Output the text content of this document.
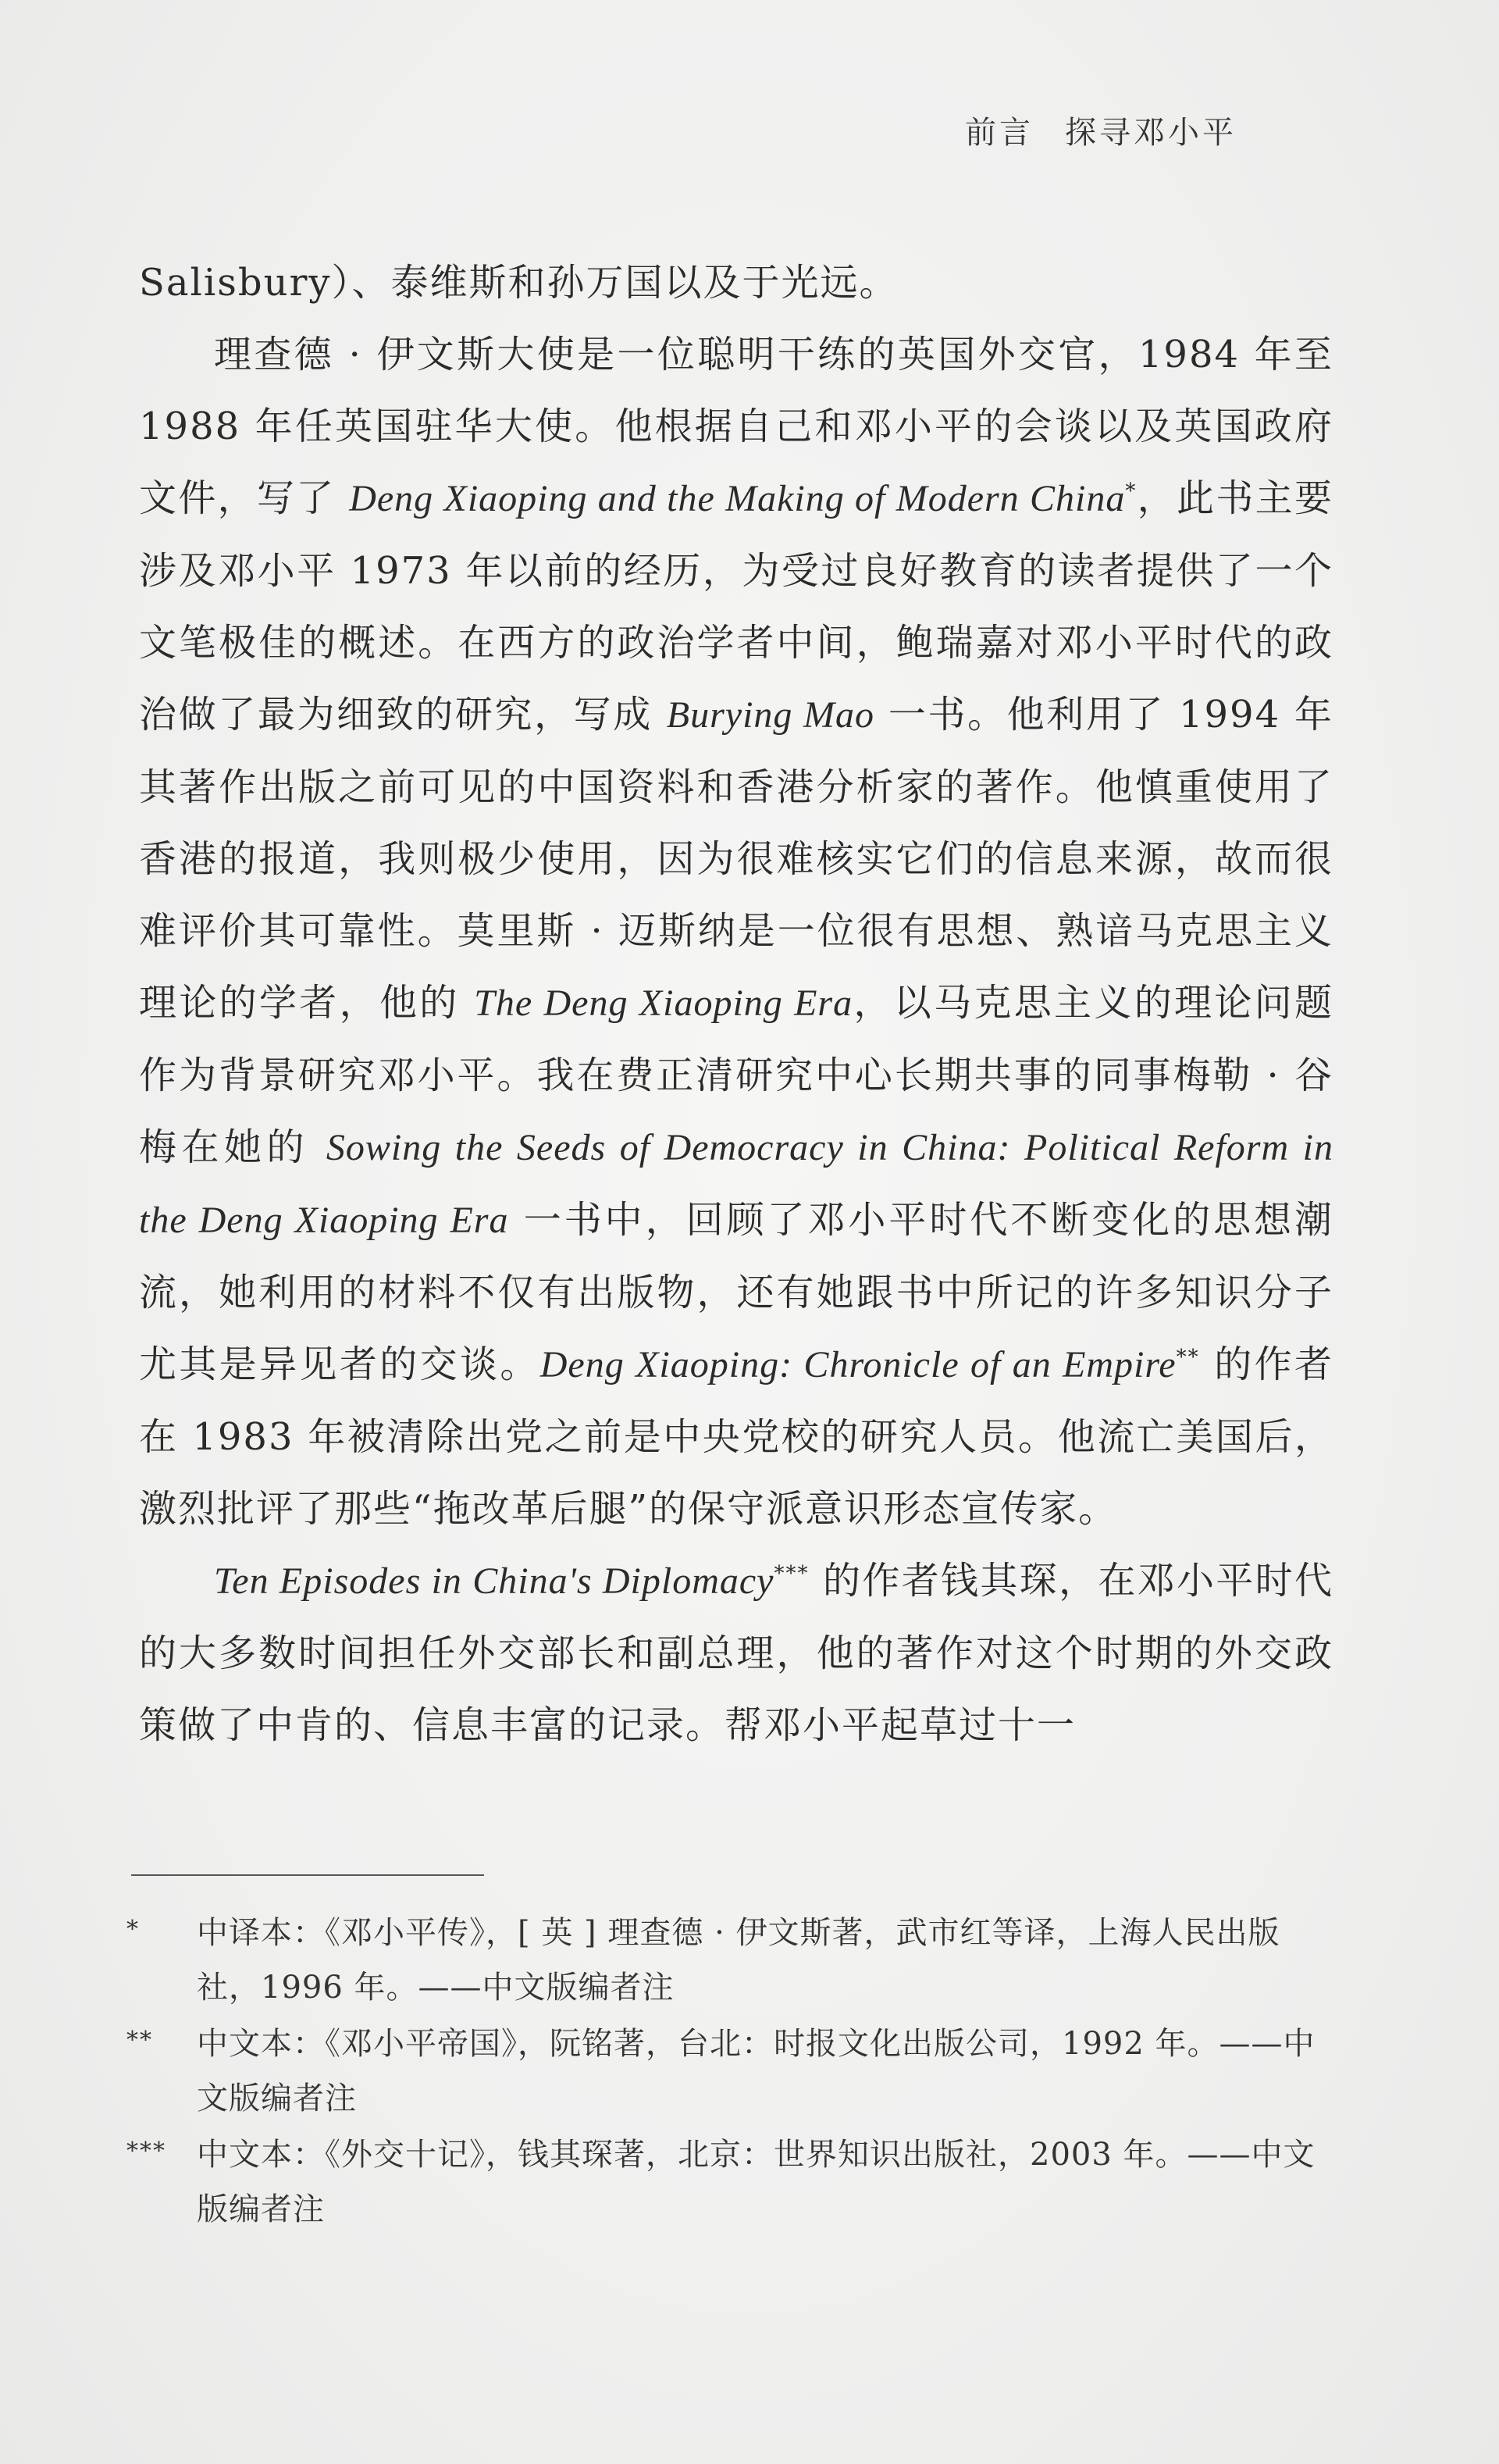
前言 探寻邓小平

Salisbury）、泰维斯和孙万国以及于光远。

理查德 · 伊文斯大使是一位聪明干练的英国外交官，1984 年至 1988 年任英国驻华大使。他根据自己和邓小平的会谈以及英国政府文件，写了 Deng Xiaoping and the Making of Modern China*，此书主要涉及邓小平 1973 年以前的经历，为受过良好教育的读者提供了一个文笔极佳的概述。在西方的政治学者中间，鲍瑞嘉对邓小平时代的政治做了最为细致的研究，写成 Burying Mao 一书。他利用了 1994 年其著作出版之前可见的中国资料和香港分析家的著作。他慎重使用了香港的报道，我则极少使用，因为很难核实它们的信息来源，故而很难评价其可靠性。莫里斯 · 迈斯纳是一位很有思想、熟谙马克思主义理论的学者，他的 The Deng Xiaoping Era，以马克思主义的理论问题作为背景研究邓小平。我在费正清研究中心长期共事的同事梅勒 · 谷梅在她的 Sowing the Seeds of Democracy in China: Political Reform in the Deng Xiaoping Era 一书中，回顾了邓小平时代不断变化的思想潮流，她利用的材料不仅有出版物，还有她跟书中所记的许多知识分子尤其是异见者的交谈。Deng Xiaoping: Chronicle of an Empire** 的作者在 1983 年被清除出党之前是中央党校的研究人员。他流亡美国后，激烈批评了那些“拖改革后腿”的保守派意识形态宣传家。

Ten Episodes in China's Diplomacy*** 的作者钱其琛，在邓小平时代的大多数时间担任外交部长和副总理，他的著作对这个时期的外交政策做了中肯的、信息丰富的记录。帮邓小平起草过十一

* 中译本：《邓小平传》，[ 英 ] 理查德 · 伊文斯著，武市红等译，上海人民出版社，1996 年。——中文版编者注
** 中文本：《邓小平帝国》，阮铭著，台北：时报文化出版公司，1992 年。——中文版编者注
*** 中文本：《外交十记》，钱其琛著，北京：世界知识出版社，2003 年。——中文版编者注
